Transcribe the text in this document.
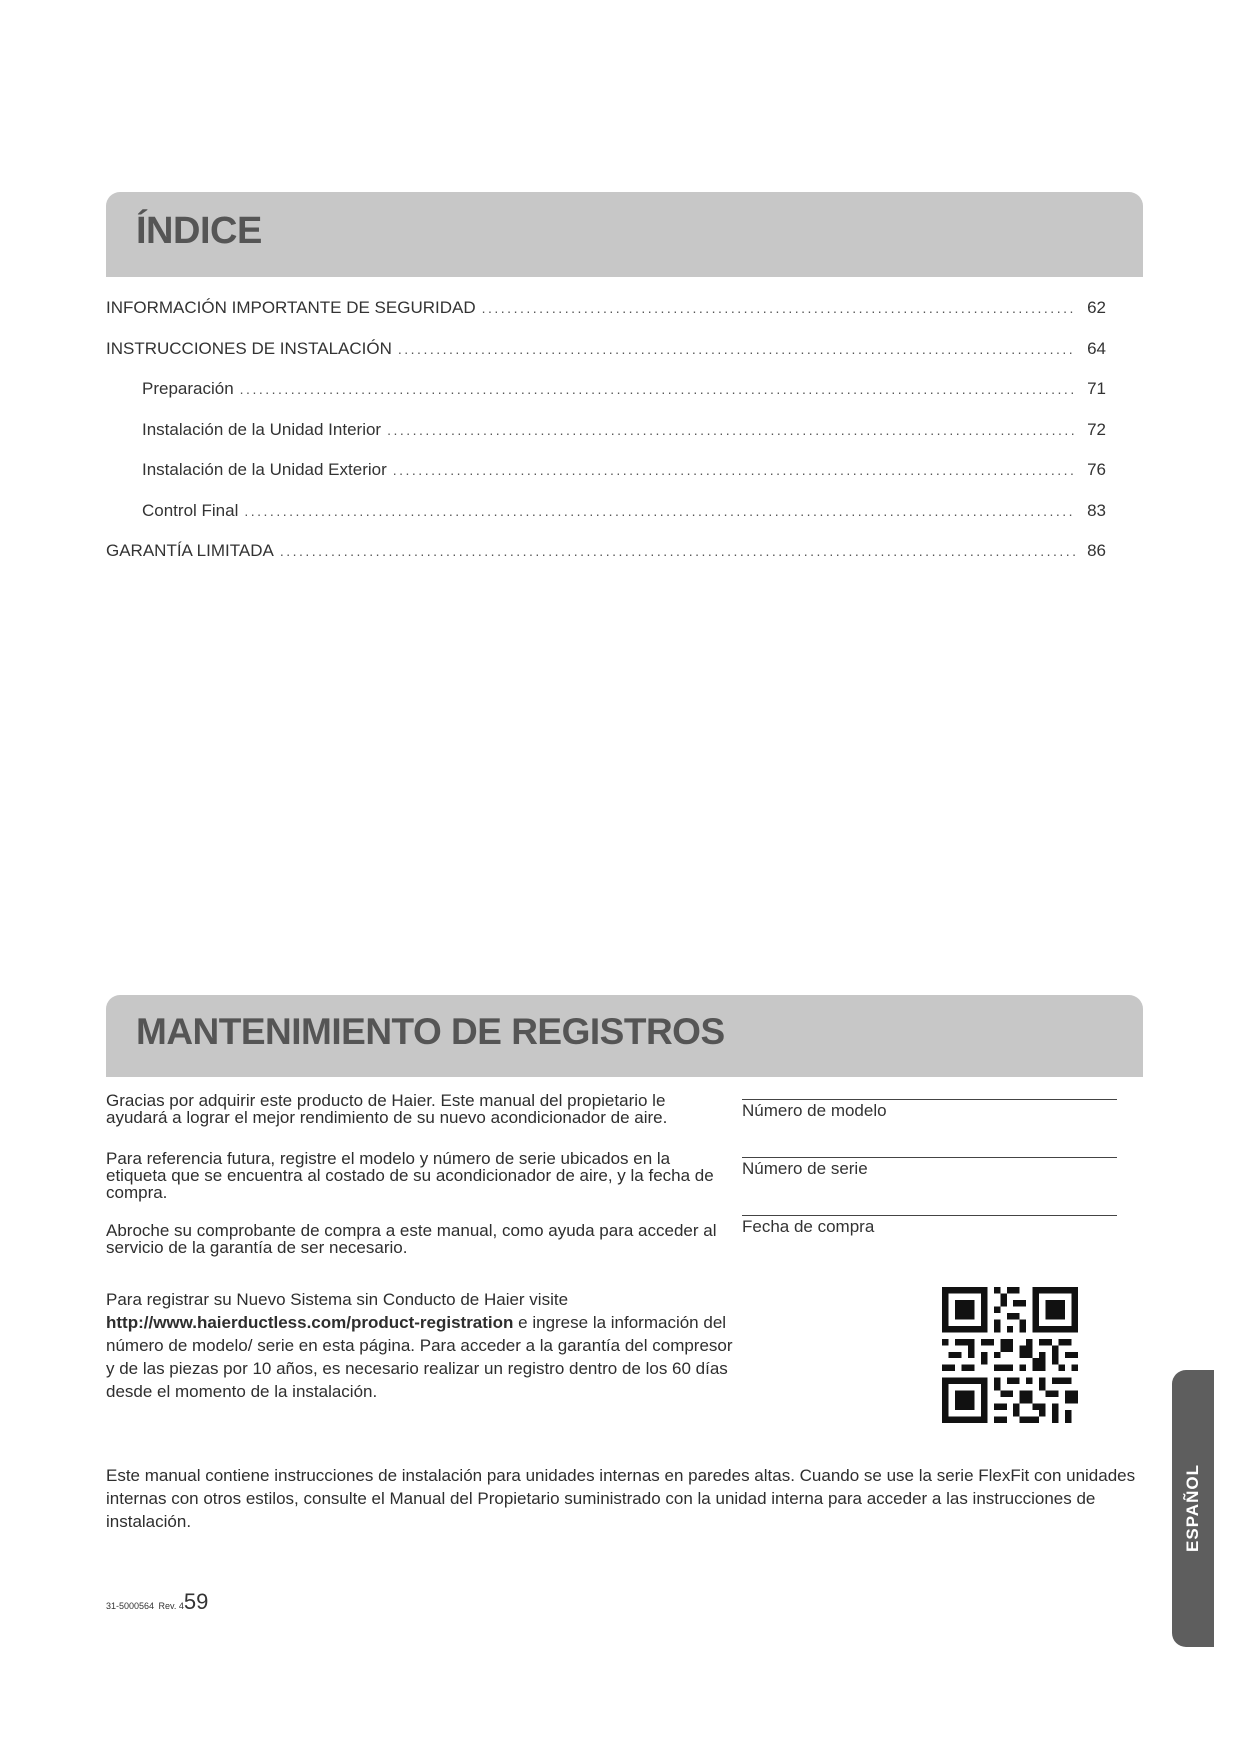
ÍNDICE
INFORMACIÓN IMPORTANTE DE SEGURIDAD .....	62
INSTRUCCIONES DE INSTALACIÓN .....	64
Preparación .....	71
Instalación de la Unidad Interior .....	72
Instalación de la Unidad Exterior .....	76
Control Final .....	83
GARANTÍA LIMITADA .....	86
MANTENIMIENTO DE REGISTROS

Gracias por adquirir este producto de Haier. Este manual del propietario le ayudará a lograr el mejor rendimiento de su nuevo acondicionador de aire.

Para referencia futura, registre el modelo y número de serie ubicados en la etiqueta que se encuentra al costado de su acondicionador de aire, y la fecha de compra.

Abroche su comprobante de compra a este manual, como ayuda para acceder al servicio de la garantía de ser necesario.

Para registrar su Nuevo Sistema sin Conducto de Haier visite
http://www.haierductless.com/product-registration e ingrese la información del número de modelo/ serie en esta página. Para acceder a la garantía del compresor y de las piezas por 10 años, es necesario realizar un registro dentro de los 60 días desde el momento de la instalación.

Número de modelo
Número de serie
Fecha de compra

Este manual contiene instrucciones de instalación para unidades internas en paredes altas. Cuando se use la serie FlexFit con unidades internas con otros estilos, consulte el Manual del Propietario suministrado con la unidad interna para acceder a las instrucciones de instalación.	ESPAÑOL
31-5000564 Rev. 459
